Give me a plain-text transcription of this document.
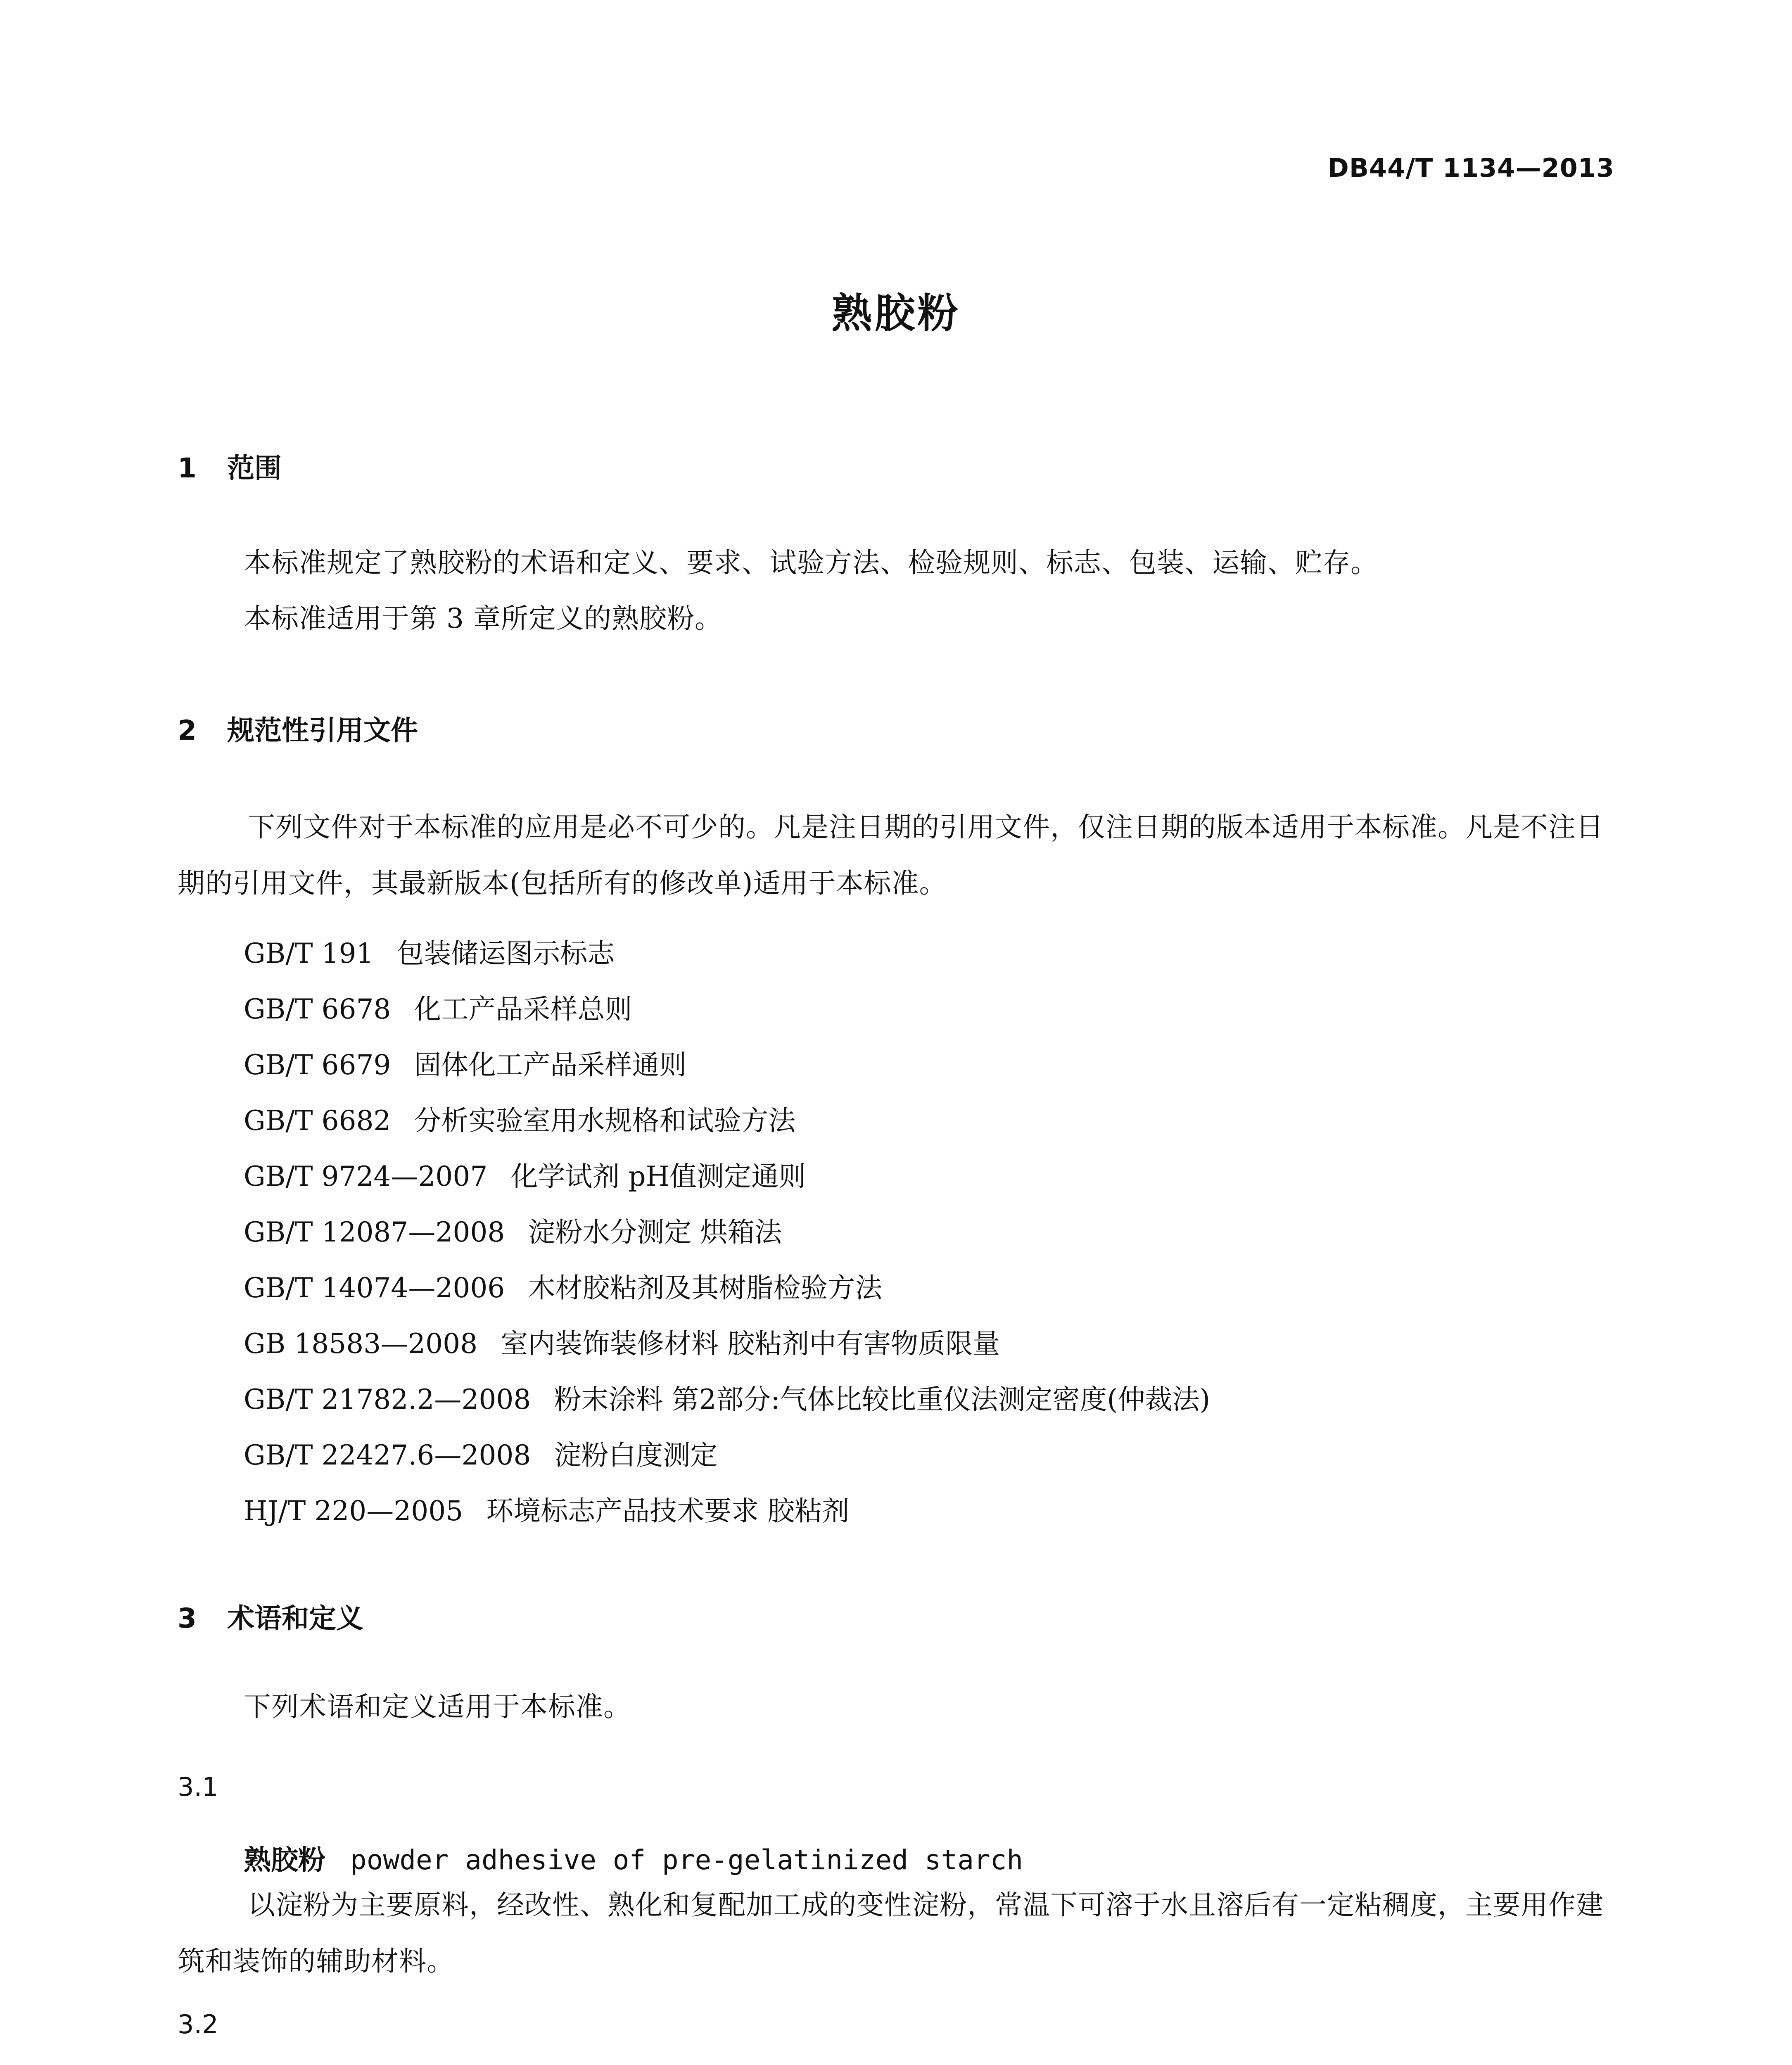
DB44/T 1134—2013
熟胶粉
1 范围
本标准规定了熟胶粉的术语和定义、要求、试验方法、检验规则、标志、包装、运输、贮存。
本标准适用于第 3 章所定义的熟胶粉。
2 规范性引用文件
下列文件对于本标准的应用是必不可少的。凡是注日期的引用文件，仅注日期的版本适用于本标准。凡是不注日期的引用文件，其最新版本(包括所有的修改单)适用于本标准。
GB/T 191 包装储运图示标志
GB/T 6678 化工产品采样总则
GB/T 6679 固体化工产品采样通则
GB/T 6682 分析实验室用水规格和试验方法
GB/T 9724—2007 化学试剂 pH值测定通则
GB/T 12087—2008 淀粉水分测定 烘箱法
GB/T 14074—2006 木材胶粘剂及其树脂检验方法
GB 18583—2008 室内装饰装修材料 胶粘剂中有害物质限量
GB/T 21782.2—2008 粉末涂料 第2部分:气体比较比重仪法测定密度(仲裁法)
GB/T 22427.6—2008 淀粉白度测定
HJ/T 220—2005 环境标志产品技术要求 胶粘剂
3 术语和定义
下列术语和定义适用于本标准。
3.1
熟胶粉 powder adhesive of pre-gelatinized starch
以淀粉为主要原料，经改性、熟化和复配加工成的变性淀粉，常温下可溶于水且溶后有一定粘稠度，主要用作建筑和装饰的辅助材料。
3.2
